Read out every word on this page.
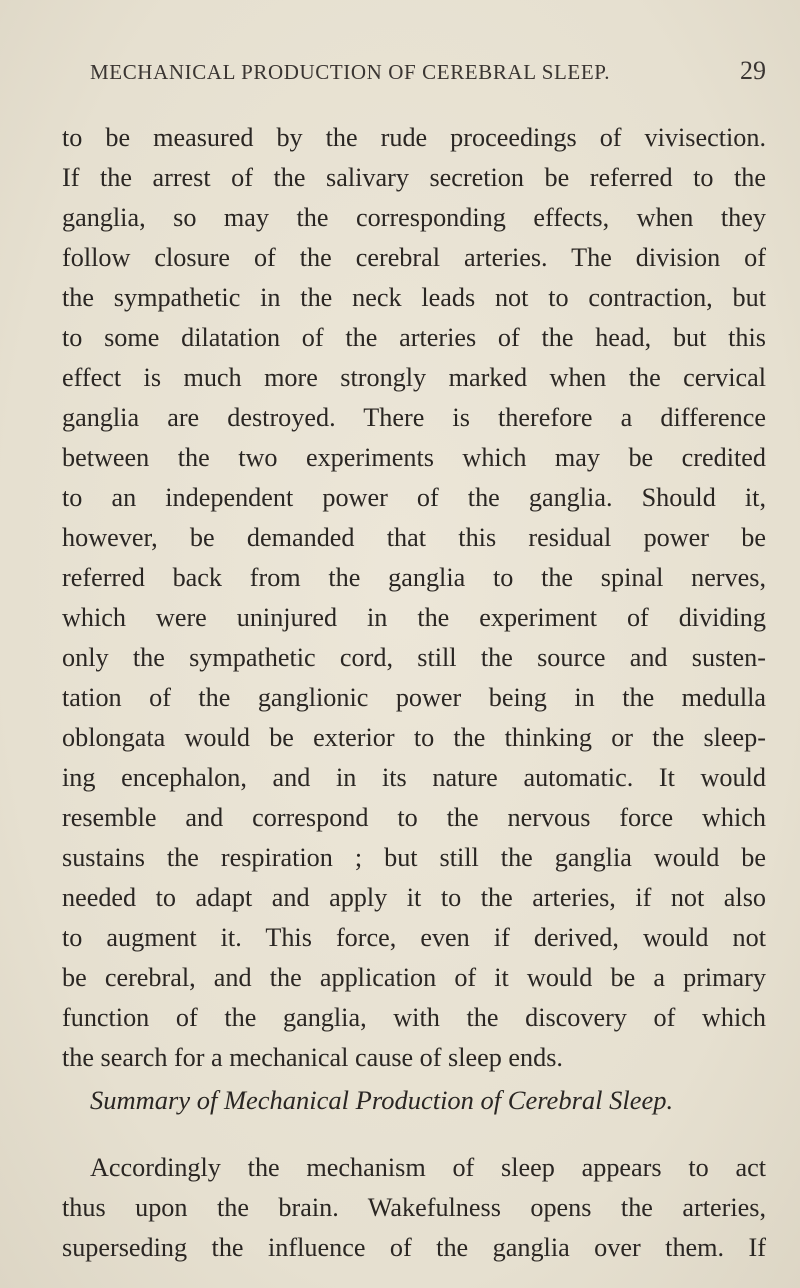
MECHANICAL PRODUCTION OF CEREBRAL SLEEP.	29
to be measured by the rude proceedings of vivisection.
If the arrest of the salivary secretion be referred to the
ganglia, so may the corresponding effects, when they
follow closure of the cerebral arteries. The division of
the sympathetic in the neck leads not to contraction, but
to some dilatation of the arteries of the head, but this
effect is much more strongly marked when the cervical
ganglia are destroyed. There is therefore a difference
between the two experiments which may be credited
to an independent power of the ganglia. Should it,
however, be demanded that this residual power be
referred back from the ganglia to the spinal nerves,
which were uninjured in the experiment of dividing
only the sympathetic cord, still the source and susten-
tation of the ganglionic power being in the medulla
oblongata would be exterior to the thinking or the sleep-
ing encephalon, and in its nature automatic. It would
resemble and correspond to the nervous force which
sustains the respiration ; but still the ganglia would be
needed to adapt and apply it to the arteries, if not also
to augment it. This force, even if derived, would not
be cerebral, and the application of it would be a primary
function of the ganglia, with the discovery of which
the search for a mechanical cause of sleep ends.
Summary of Mechanical Production of Cerebral Sleep.
Accordingly the mechanism of sleep appears to act
thus upon the brain. Wakefulness opens the arteries,
superseding the influence of the ganglia over them. If
